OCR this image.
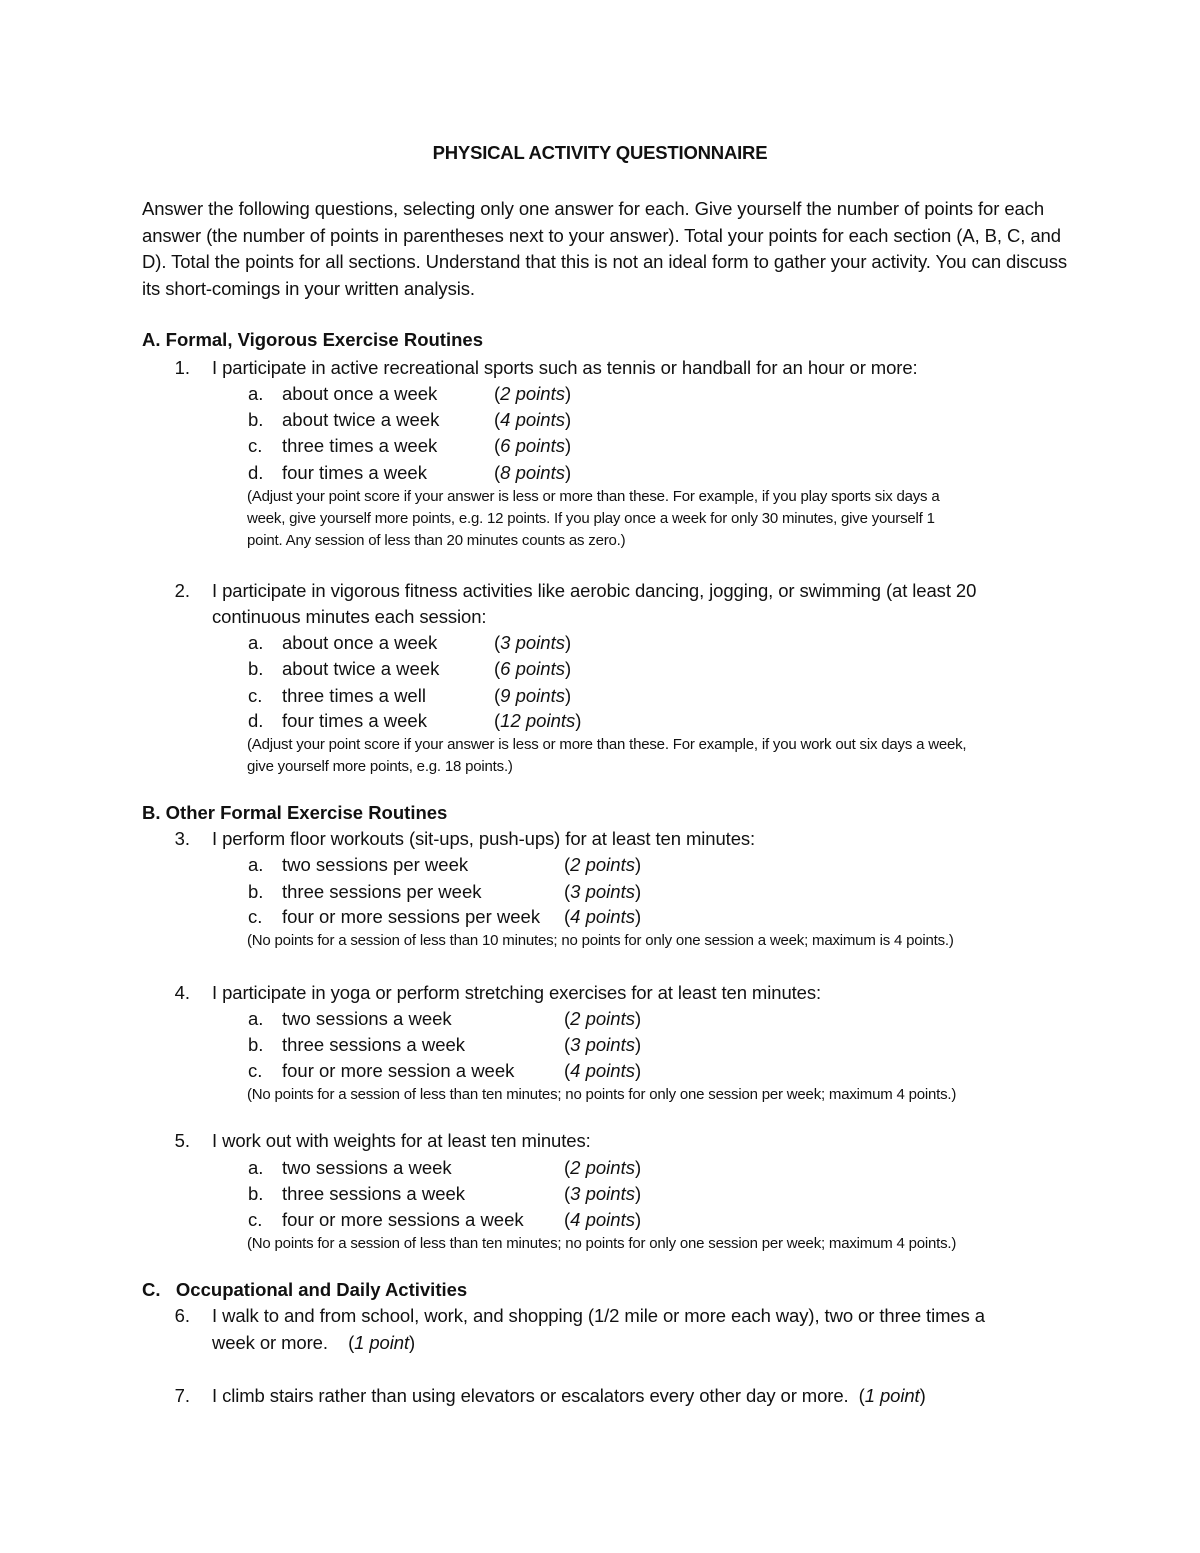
PHYSICAL ACTIVITY QUESTIONNAIRE
Answer the following questions, selecting only one answer for each. Give yourself the number of points for each answer (the number of points in parentheses next to your answer). Total your points for each section (A, B, C, and D). Total the points for all sections. Understand that this is not an ideal form to gather your activity. You can discuss its short-comings in your written analysis.
A. Formal, Vigorous Exercise Routines
1. I participate in active recreational sports such as tennis or handball for an hour or more:
a. about once a week	(2 points)
b. about twice a week	(4 points)
c. three times a week	(6 points)
d. four times a week	(8 points)
(Adjust your point score if your answer is less or more than these. For example, if you play sports six days a
week, give yourself more points, e.g. 12 points. If you play once a week for only 30 minutes, give yourself 1
point. Any session of less than 20 minutes counts as zero.)
2. I participate in vigorous fitness activities like aerobic dancing, jogging, or swimming (at least 20
continuous minutes each session:
a. about once a week	(3 points)
b. about twice a week	(6 points)
c. three times a well	(9 points)
d. four times a week	(12 points)
(Adjust your point score if your answer is less or more than these. For example, if you work out six days a week,
give yourself more points, e.g. 18 points.)
B. Other Formal Exercise Routines
3. I perform floor workouts (sit-ups, push-ups) for at least ten minutes:
a. two sessions per week	(2 points)
b. three sessions per week	(3 points)
c. four or more sessions per week (4 points)
(No points for a session of less than 10 minutes; no points for only one session a week; maximum is 4 points.)
4. I participate in yoga or perform stretching exercises for at least ten minutes:
a. two sessions a week	(2 points)
b. three sessions a week	(3 points)
c. four or more session a week	(4 points)
(No points for a session of less than ten minutes; no points for only one session per week; maximum 4 points.)
5. I work out with weights for at least ten minutes:
a. two sessions a week	(2 points)
b. three sessions a week	(3 points)
c. four or more sessions a week (4 points)
(No points for a session of less than ten minutes; no points for only one session per week; maximum 4 points.)
C.   Occupational and Daily Activities
6. I walk to and from school, work, and shopping (1/2 mile or more each way), two or three times a
week or more.    (1 point)
7. I climb stairs rather than using elevators or escalators every other day or more.  (1 point)
